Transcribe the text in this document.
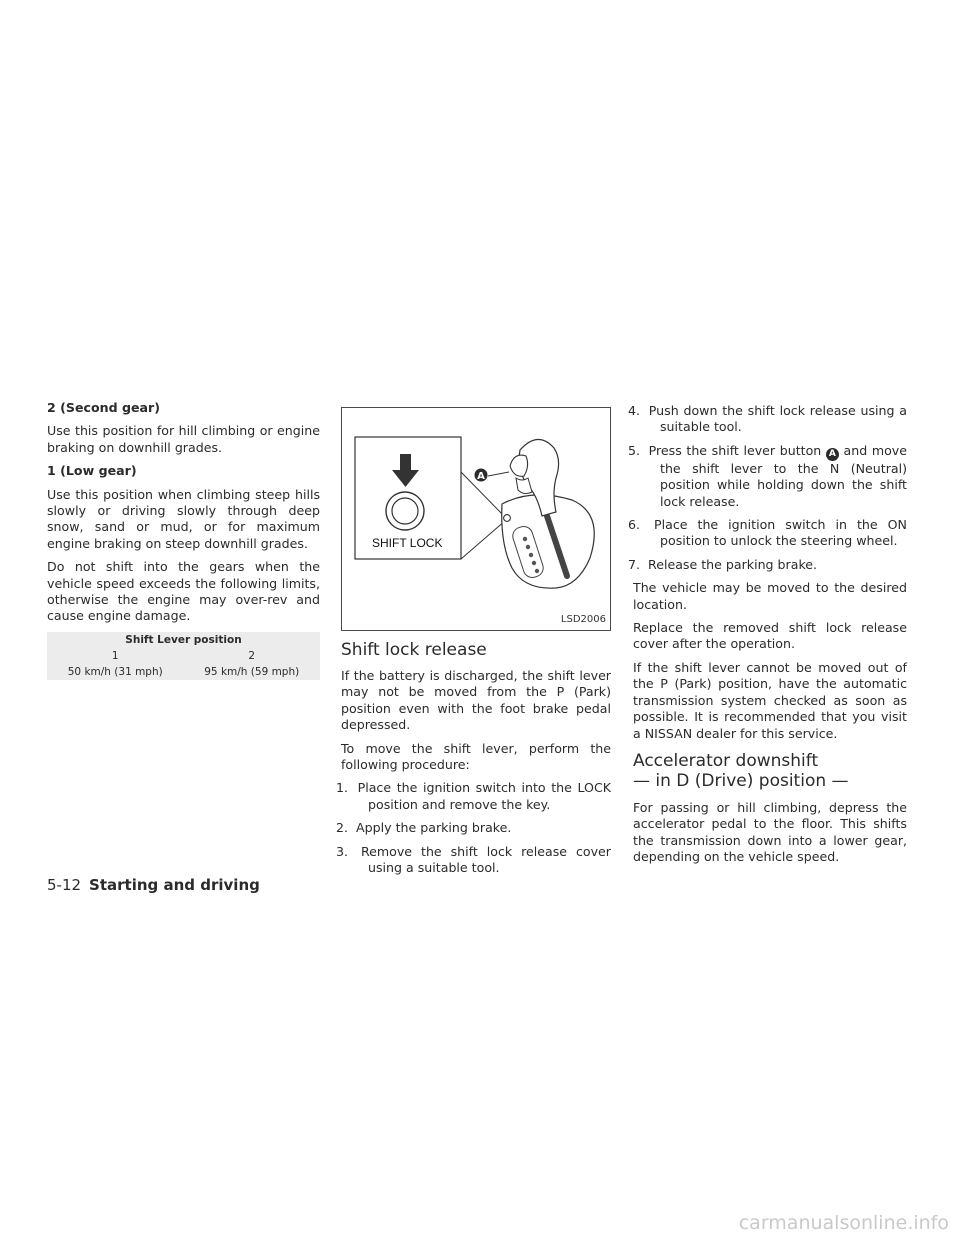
2 (Second gear)

Use this position for hill climbing or engine braking on downhill grades.

1 (Low gear)

Use this position when climbing steep hills slowly or driving slowly through deep snow, sand or mud, or for maximum engine braking on steep downhill grades.

Do not shift into the gears when the vehicle speed exceeds the following limits, otherwise the engine may over-rev and cause engine damage.

Shift Lever position	
1	2
50 km/h (31 mph)	95 km/h (59 mph)
A
SHIFT LOCK
LSD2006
Shift lock release

If the battery is discharged, the shift lever may not be moved from the P (Park) position even with the foot brake pedal depressed.

To move the shift lever, perform the following procedure:

1. Place the ignition switch into the LOCK position and remove the key.
2. Apply the parking brake.
3. Remove the shift lock release cover using a suitable tool.
4. Push down the shift lock release using a suitable tool.
5. Press the shift lever button A and move the shift lever to the N (Neutral) position while holding down the shift lock release.
6. Place the ignition switch in the ON position to unlock the steering wheel.
7. Release the parking brake.

The vehicle may be moved to the desired location.

Replace the removed shift lock release cover after the operation.

If the shift lever cannot be moved out of the P (Park) position, have the automatic transmission system checked as soon as possible. It is recommended that you visit a NISSAN dealer for this service.

Accelerator downshift
— in D (Drive) position —

For passing or hill climbing, depress the accelerator pedal to the floor. This shifts the transmission down into a lower gear, depending on the vehicle speed.

5-12 Starting and driving
carmanualsonline.info
